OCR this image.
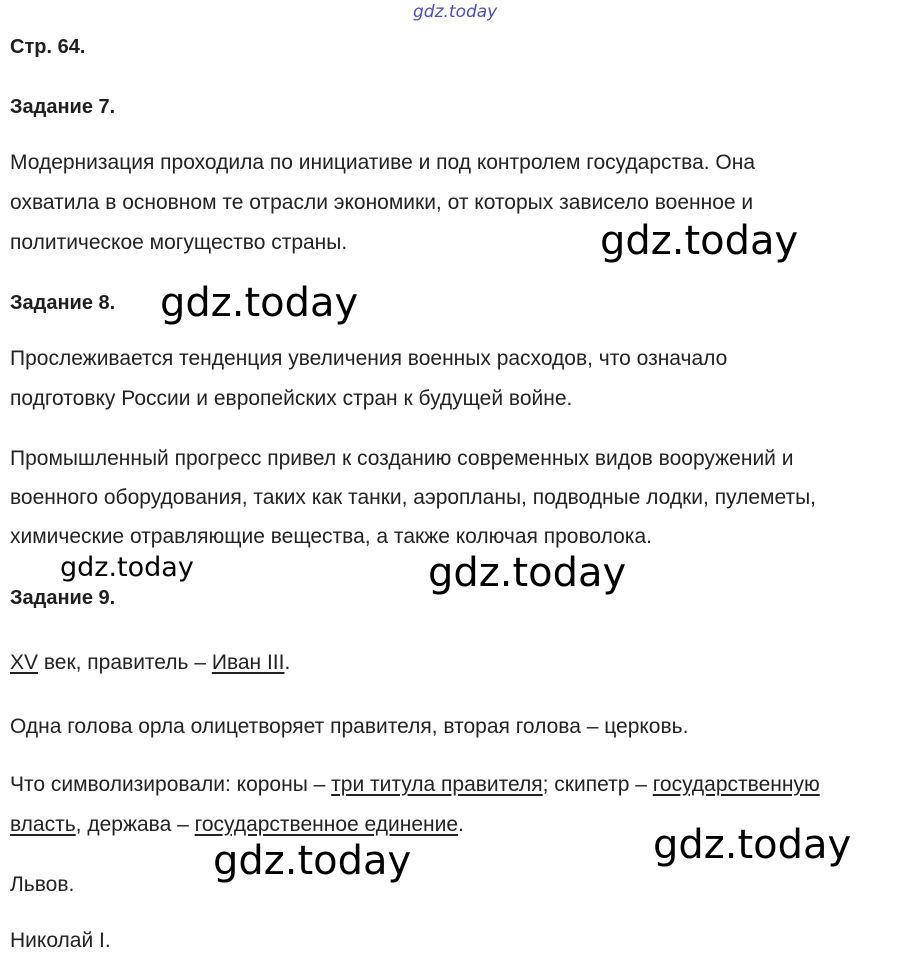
gdz.today
Стр. 64.
Задание 7.
Модернизация проходила по инициативе и под контролем государства. Она
охватила в основном те отрасли экономики, от которых зависело военное и
политическое могущество страны.
Задание 8.
Прослеживается тенденция увеличения военных расходов, что означало
подготовку России и европейских стран к будущей войне.
Промышленный прогресс привел к созданию современных видов вооружений и
военного оборудования, таких как танки, аэропланы, подводные лодки, пулеметы,
химические отравляющие вещества, а также колючая проволока.
Задание 9.
XV век, правитель – Иван III.
Одна голова орла олицетворяет правителя, вторая голова – церковь.
Что символизировали: короны – три титула правителя; скипетр – государственную
власть, держава – государственное единение.
Львов.
Николай I.
gdz.today
gdz.today
gdz.today	gdz.today
gdz.today
gdz.today
